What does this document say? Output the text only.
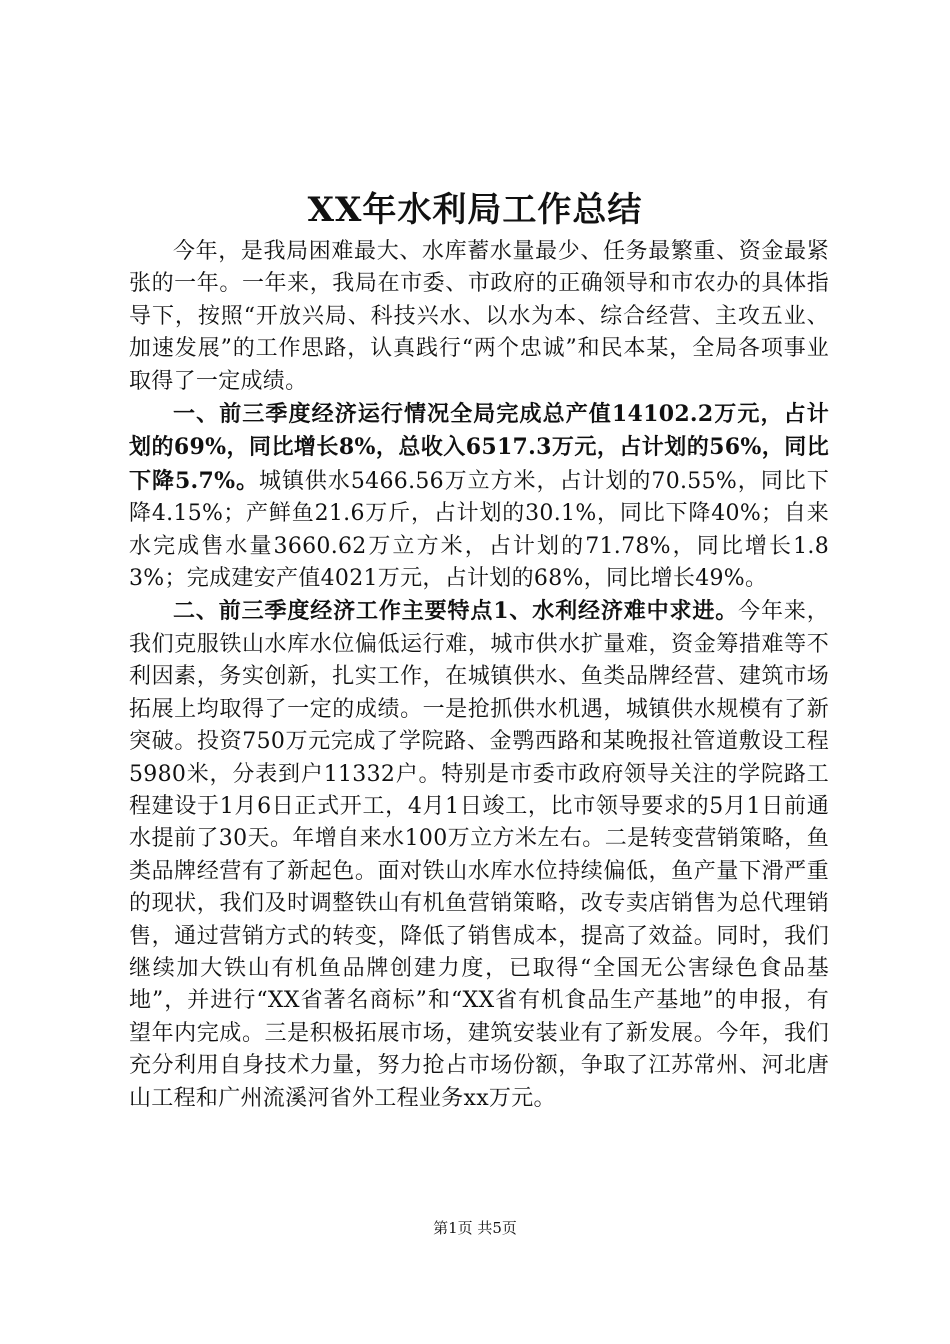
XX年水利局工作总结

今年，是我局困难最大、水库蓄水量最少、任务最繁重、资金最紧张的一年。一年来，我局在市委、市政府的正确领导和市农办的具体指导下，按照“开放兴局、科技兴水、以水为本、综合经营、主攻五业、加速发展”的工作思路，认真践行“两个忠诚”和民本某，全局各项事业取得了一定成绩。

一、前三季度经济运行情况全局完成总产值14102.2万元，占计划的69%，同比增长8%，总收入6517.3万元，占计划的56%，同比下降5.7%。城镇供水5466.56万立方米，占计划的70.55%，同比下降4.15%；产鲜鱼21.6万斤，占计划的30.1%，同比下降40%；自来水完成售水量3660.62万立方米，占计划的71.78%，同比增长1.83%；完成建安产值4021万元，占计划的68%，同比增长49%。

二、前三季度经济工作主要特点1、水利经济难中求进。今年来，我们克服铁山水库水位偏低运行难，城市供水扩量难，资金筹措难等不利因素，务实创新，扎实工作，在城镇供水、鱼类品牌经营、建筑市场拓展上均取得了一定的成绩。一是抢抓供水机遇，城镇供水规模有了新突破。投资750万元完成了学院路、金鹗西路和某晚报社管道敷设工程5980米，分表到户11332户。特别是市委市政府领导关注的学院路工程建设于1月6日正式开工，4月1日竣工，比市领导要求的5月1日前通水提前了30天。年增自来水100万立方米左右。二是转变营销策略，鱼类品牌经营有了新起色。面对铁山水库水位持续偏低，鱼产量下滑严重的现状，我们及时调整铁山有机鱼营销策略，改专卖店销售为总代理销售，通过营销方式的转变，降低了销售成本，提高了效益。同时，我们继续加大铁山有机鱼品牌创建力度，已取得“全国无公害绿色食品基地”，并进行“XX省著名商标”和“XX省有机食品生产基地”的申报，有望年内完成。三是积极拓展市场，建筑安装业有了新发展。今年，我们充分利用自身技术力量，努力抢占市场份额，争取了江苏常州、河北唐山工程和广州流溪河省外工程业务xx万元。

第1页 共5页
